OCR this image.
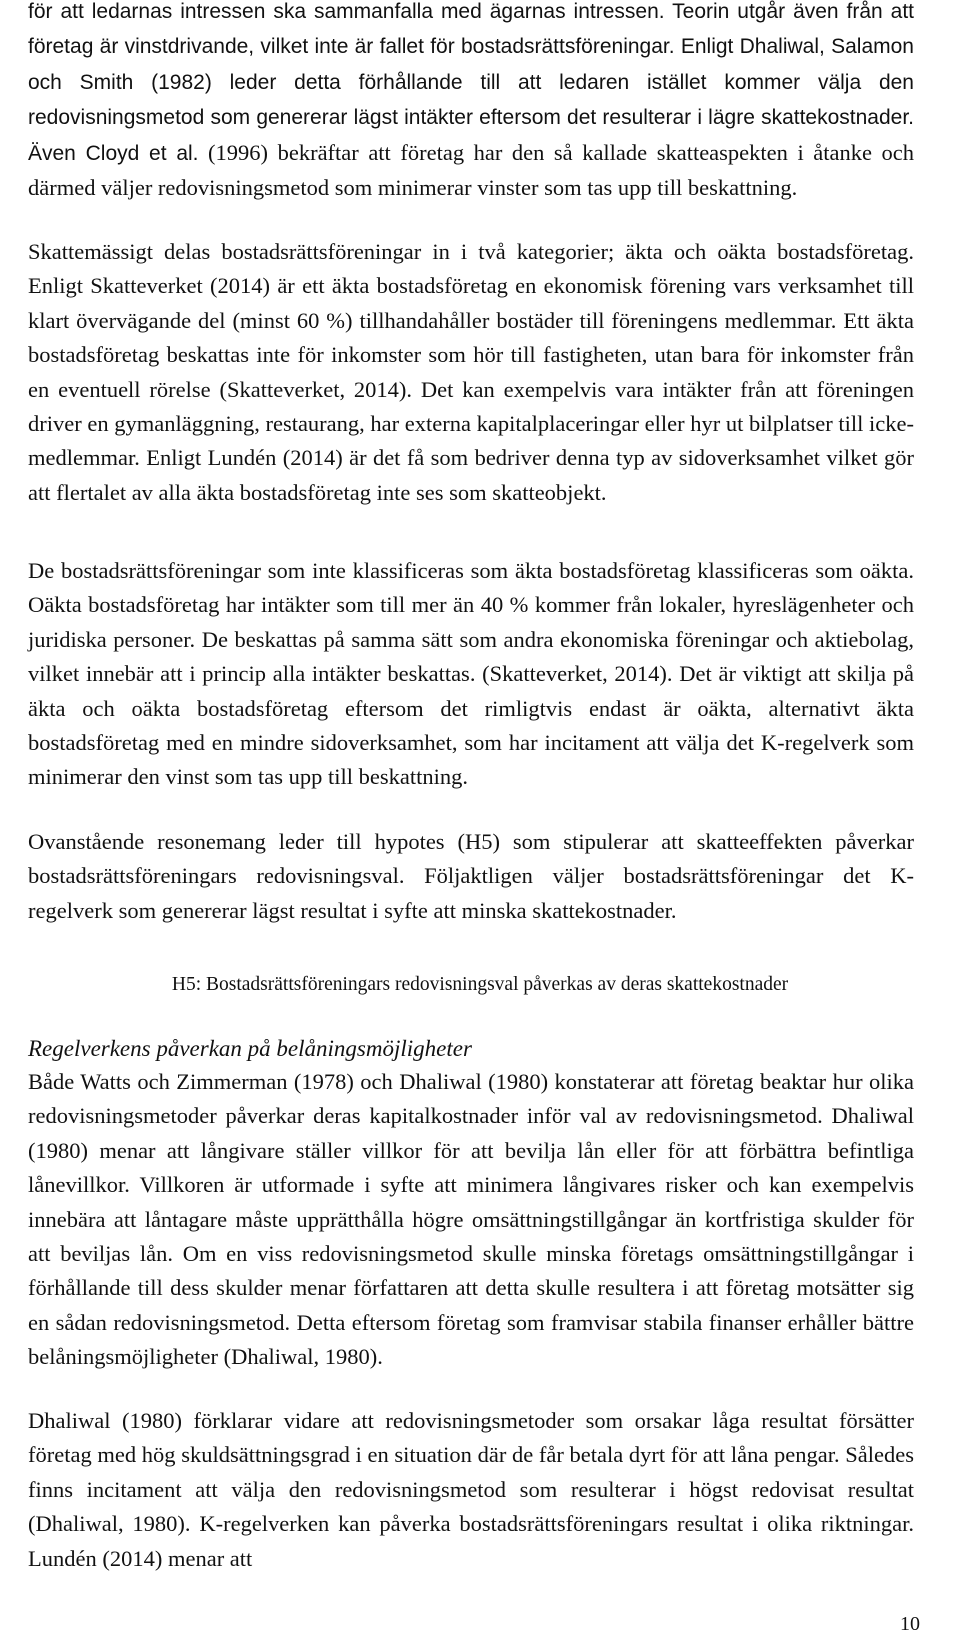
för att ledarnas intressen ska sammanfalla med ägarnas intressen. Teorin utgår även från att företag är vinstdrivande, vilket inte är fallet för bostadsrättsföreningar. Enligt Dhaliwal, Salamon och Smith (1982) leder detta förhållande till att ledaren istället kommer välja den redovisningsmetod som genererar lägst intäkter eftersom det resulterar i lägre skattekostnader. Även Cloyd et al. (1996) bekräftar att företag har den så kallade skatteaspekten i åtanke och därmed väljer redovisningsmetod som minimerar vinster som tas upp till beskattning.

Skattemässigt delas bostadsrättsföreningar in i två kategorier; äkta och oäkta bostadsföretag. Enligt Skatteverket (2014) är ett äkta bostadsföretag en ekonomisk förening vars verksamhet till klart övervägande del (minst 60 %) tillhandahåller bostäder till föreningens medlemmar. Ett äkta bostadsföretag beskattas inte för inkomster som hör till fastigheten, utan bara för inkomster från en eventuell rörelse (Skatteverket, 2014). Det kan exempelvis vara intäkter från att föreningen driver en gymanläggning, restaurang, har externa kapitalplaceringar eller hyr ut bilplatser till icke-medlemmar. Enligt Lundén (2014) är det få som bedriver denna typ av sidoverksamhet vilket gör att flertalet av alla äkta bostadsföretag inte ses som skatteobjekt.

De bostadsrättsföreningar som inte klassificeras som äkta bostadsföretag klassificeras som oäkta. Oäkta bostadsföretag har intäkter som till mer än 40 % kommer från lokaler, hyreslägenheter och juridiska personer. De beskattas på samma sätt som andra ekonomiska föreningar och aktiebolag, vilket innebär att i princip alla intäkter beskattas. (Skatteverket, 2014). Det är viktigt att skilja på äkta och oäkta bostadsföretag eftersom det rimligtvis endast är oäkta, alternativt äkta bostadsföretag med en mindre sidoverksamhet, som har incitament att välja det K-regelverk som minimerar den vinst som tas upp till beskattning.

Ovanstående resonemang leder till hypotes (H5) som stipulerar att skatteeffekten påverkar bostadsrättsföreningars redovisningsval. Följaktligen väljer bostadsrättsföreningar det K-regelverk som genererar lägst resultat i syfte att minska skattekostnader.

H5: Bostadsrättsföreningars redovisningsval påverkas av deras skattekostnader

Regelverkens påverkan på belåningsmöjligheter

Både Watts och Zimmerman (1978) och Dhaliwal (1980) konstaterar att företag beaktar hur olika redovisningsmetoder påverkar deras kapitalkostnader inför val av redovisningsmetod. Dhaliwal (1980) menar att långivare ställer villkor för att bevilja lån eller för att förbättra befintliga lånevillkor. Villkoren är utformade i syfte att minimera långivares risker och kan exempelvis innebära att låntagare måste upprätthålla högre omsättningstillgångar än kortfristiga skulder för att beviljas lån. Om en viss redovisningsmetod skulle minska företags omsättningstillgångar i förhållande till dess skulder menar författaren att detta skulle resultera i att företag motsätter sig en sådan redovisningsmetod. Detta eftersom företag som framvisar stabila finanser erhåller bättre belåningsmöjligheter (Dhaliwal, 1980).

Dhaliwal (1980) förklarar vidare att redovisningsmetoder som orsakar låga resultat försätter företag med hög skuldsättningsgrad i en situation där de får betala dyrt för att låna pengar. Således finns incitament att välja den redovisningsmetod som resulterar i högst redovisat resultat (Dhaliwal, 1980). K-regelverken kan påverka bostadsrättsföreningars resultat i olika riktningar. Lundén (2014) menar att

10
